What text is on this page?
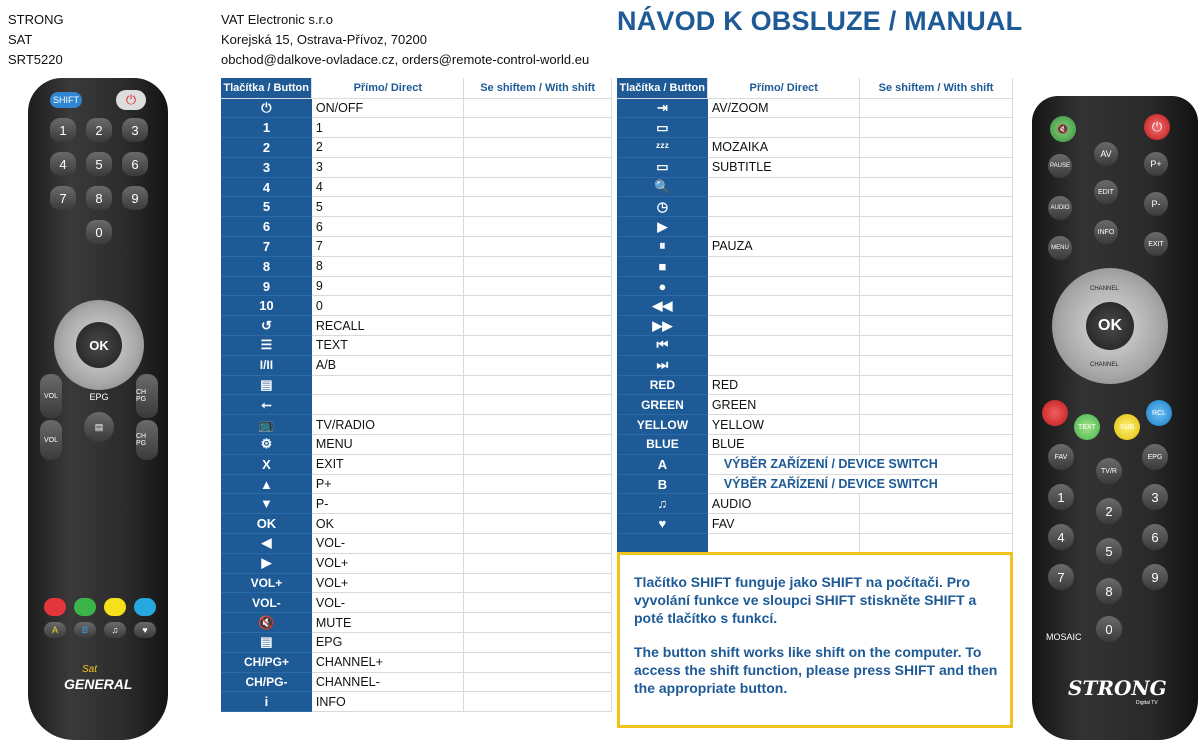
STRONG
SAT
SRT5220
VAT Electronic s.r.o
Korejská 15, Ostrava-Přívoz, 70200
obchod@dalkove-ovladace.cz, orders@remote-control-world.eu
NÁVOD K OBSLUZE / MANUAL
SHIFT	⏻
1	2	3
4	5	6
7	8	9
0
OK
VOL	CH PG
EPG
▤
VOL	CH PG
A	B	♫	♥
Sat
GENERAL
Tlačítka / Button	Přímo/ Direct	Se shiftem / With shift
⏻	ON/OFF	
1	1	
2	2	
3	3	
4	4	
5	5	
6	6	
7	7	
8	8	
9	9	
10	0	
↺	RECALL	
☰	TEXT	
I/II	A/B	
▤		
⭠		
📺	TV/RADIO	
⚙	MENU	
X	EXIT	
▲	P+	
▼	P-	
OK	OK	
◀	VOL-	
▶	VOL+	
VOL+	VOL+	
VOL-	VOL-	
🔇	MUTE	
▤	EPG	
CH/PG+	CHANNEL+	
CH/PG-	CHANNEL-	
i	INFO	
Tlačítka / Button	Přímo/ Direct	Se shiftem / With shift
⇥	AV/ZOOM	
▭		
ᶻᶻᶻ	MOZAIKA	
▭	SUBTITLE	
🔍		
◷		
▶		
⏸	PAUZA	
■		
●		
◀◀		
▶▶		
⏮		
⏭		
RED	RED	
GREEN	GREEN	
YELLOW	YELLOW	
BLUE	BLUE	
A	VÝBĚR ZAŘÍZENÍ / DEVICE SWITCH	
B	VÝBĚR ZAŘÍZENÍ / DEVICE SWITCH	
♫	AUDIO	
♥	FAV	

Tlačítko SHIFT funguje jako SHIFT na počítači. Pro vyvolání funkce ve sloupci SHIFT stiskněte SHIFT a poté tlačítko s funkcí.

The button shift works like shift on the computer. To access the shift function, please press SHIFT and then the appropriate button.

🔇	⏻
PAUSE
AV
P+
EDIT
AUDIO	P-
INFO
MENU
EXIT
CHANNEL
OK
CHANNEL
TEXT	SUB
RCL
FAV
TV/R
EPG
1
2
3
4
5
6
7
8
9
0
MOSAIC
STRONG
Digital TV
